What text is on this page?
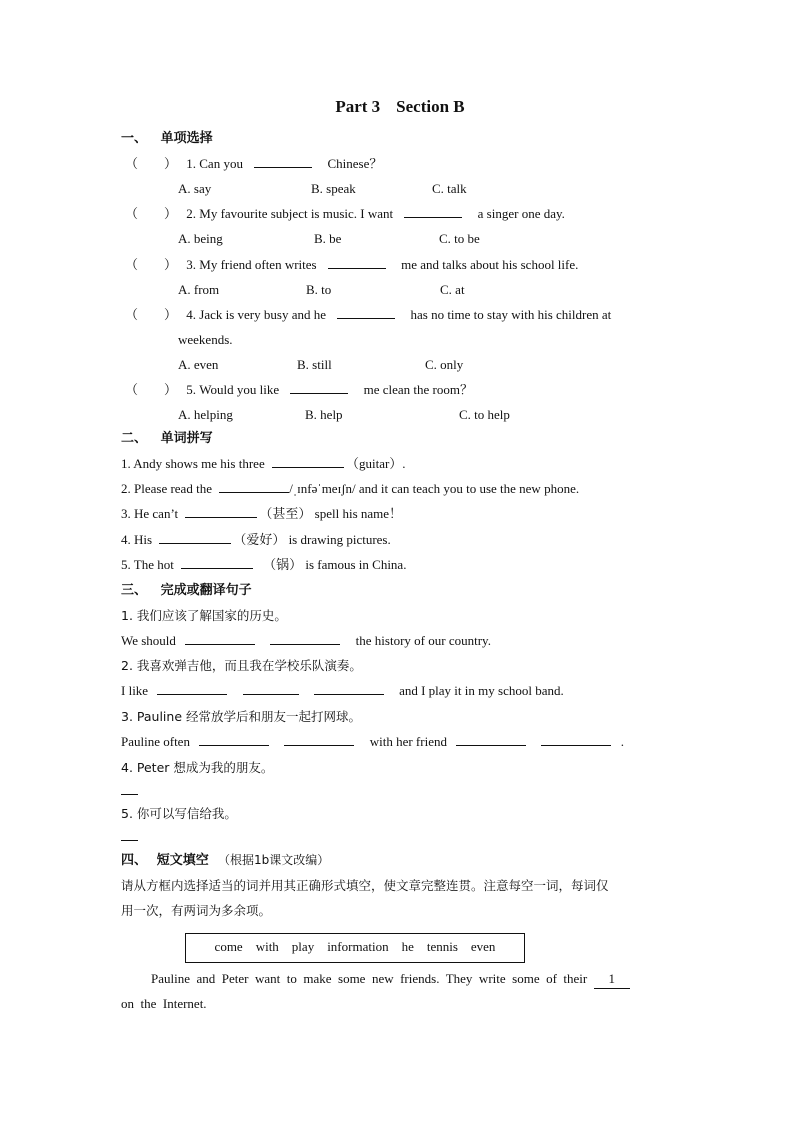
Part 3 Section B
一、 单项选择
（　　） 1. Can you	Chinese？
A. say	B. speak	C. talk
（　　） 2. My favourite subject is music. I want	a singer one day.
A. being	B. be	C. to be
（　　） 3. My friend often writes	me and talks about his school life.
A. from	B. to	C. at
（　　） 4. Jack is very busy and he	has no time to stay with his children at
weekends.
A. even	B. still	C. only
（　　） 5. Would you like	me clean the room？
A. helping	B. help	C. to help
二、 单词拼写
1. Andy shows me his three	（guitar）.
2. Please read the	/ˌɪnfəˈmeɪʃn/ and it can teach you to use the new phone.
3. He can’t	（甚至） spell his name！
4. His	（爱好） is drawing pictures.
5. The hot	（锅） is famous in China.
三、 完成或翻译句子
1. 我们应该了解国家的历史。
We should	the history of our country.
2. 我喜欢弹吉他，而且我在学校乐队演奏。
I like	and I play it in my school band.
3. Pauline 经常放学后和朋友一起打网球。
Pauline often	with her friend	.
4. Peter 想成为我的朋友。
5. 你可以写信给我。
四、 短文填空 （根据1b课文改编）
请从方框内选择适当的词并用其正确形式填空，使文章完整连贯。注意每空一词，每词仅
用一次，有两词为多余项。
come    with    play    information    he    tennis    even
Pauline  and  Peter  want  to  make  some  new  friends.  They  write  some  of  their 1
on  the  Internet.
